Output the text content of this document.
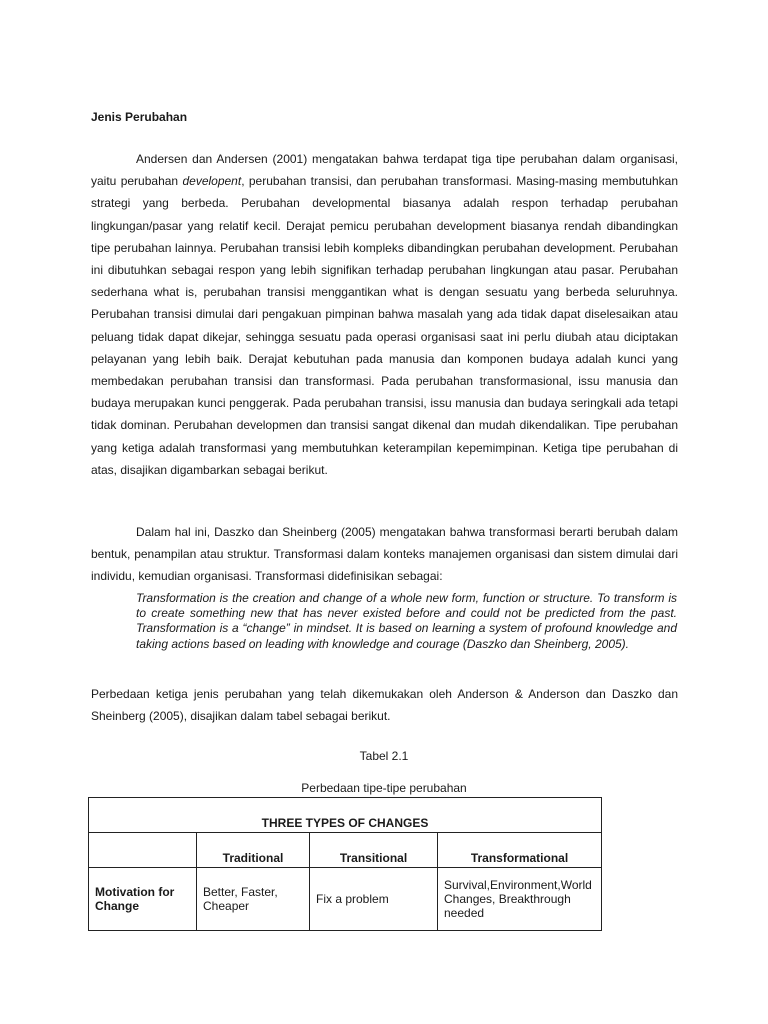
Jenis Perubahan

Andersen dan Andersen (2001) mengatakan bahwa terdapat tiga tipe perubahan dalam organisasi, yaitu perubahan developent, perubahan transisi, dan perubahan transformasi. Masing-masing membutuhkan strategi yang berbeda. Perubahan developmental biasanya adalah respon terhadap perubahan lingkungan/pasar yang relatif kecil. Derajat pemicu perubahan development biasanya rendah dibandingkan tipe perubahan lainnya. Perubahan transisi lebih kompleks dibandingkan perubahan development. Perubahan ini dibutuhkan sebagai respon yang lebih signifikan terhadap perubahan lingkungan atau pasar. Perubahan sederhana what is, perubahan transisi menggantikan what is dengan sesuatu yang berbeda seluruhnya. Perubahan transisi dimulai dari pengakuan pimpinan bahwa masalah yang ada tidak dapat diselesaikan atau peluang tidak dapat dikejar, sehingga sesuatu pada operasi organisasi saat ini perlu diubah atau diciptakan pelayanan yang lebih baik. Derajat kebutuhan pada manusia dan komponen budaya adalah kunci yang membedakan perubahan transisi dan transformasi. Pada perubahan transformasional, issu manusia dan budaya merupakan kunci penggerak. Pada perubahan transisi, issu manusia dan budaya seringkali ada tetapi tidak dominan. Perubahan developmen dan transisi sangat dikenal dan mudah dikendalikan. Tipe perubahan yang ketiga adalah transformasi yang membutuhkan keterampilan kepemimpinan. Ketiga tipe perubahan di atas, disajikan digambarkan sebagai berikut.

Dalam hal ini, Daszko dan Sheinberg (2005) mengatakan bahwa transformasi berarti berubah dalam bentuk, penampilan atau struktur. Transformasi dalam konteks manajemen organisasi dan sistem dimulai dari individu, kemudian organisasi. Transformasi didefinisikan sebagai:

Transformation is the creation and change of a whole new form, function or structure. To transform is to create something new that has never existed before and could not be predicted from the past. Transformation is a “change” in mindset. It is based on learning a system of profound knowledge and taking actions based on leading with knowledge and courage (Daszko dan Sheinberg, 2005).

Perbedaan ketiga jenis perubahan yang telah dikemukakan oleh Anderson & Anderson dan Daszko dan Sheinberg (2005), disajikan dalam tabel sebagai berikut.

Tabel 2.1
Perbedaan tipe-tipe perubahan
THREE TYPES OF CHANGES			
	Traditional	Transitional	Transformational
Motivation for Change	Better, Faster, Cheaper	Fix a problem	Survival,Environment,World Changes, Breakthrough needed
